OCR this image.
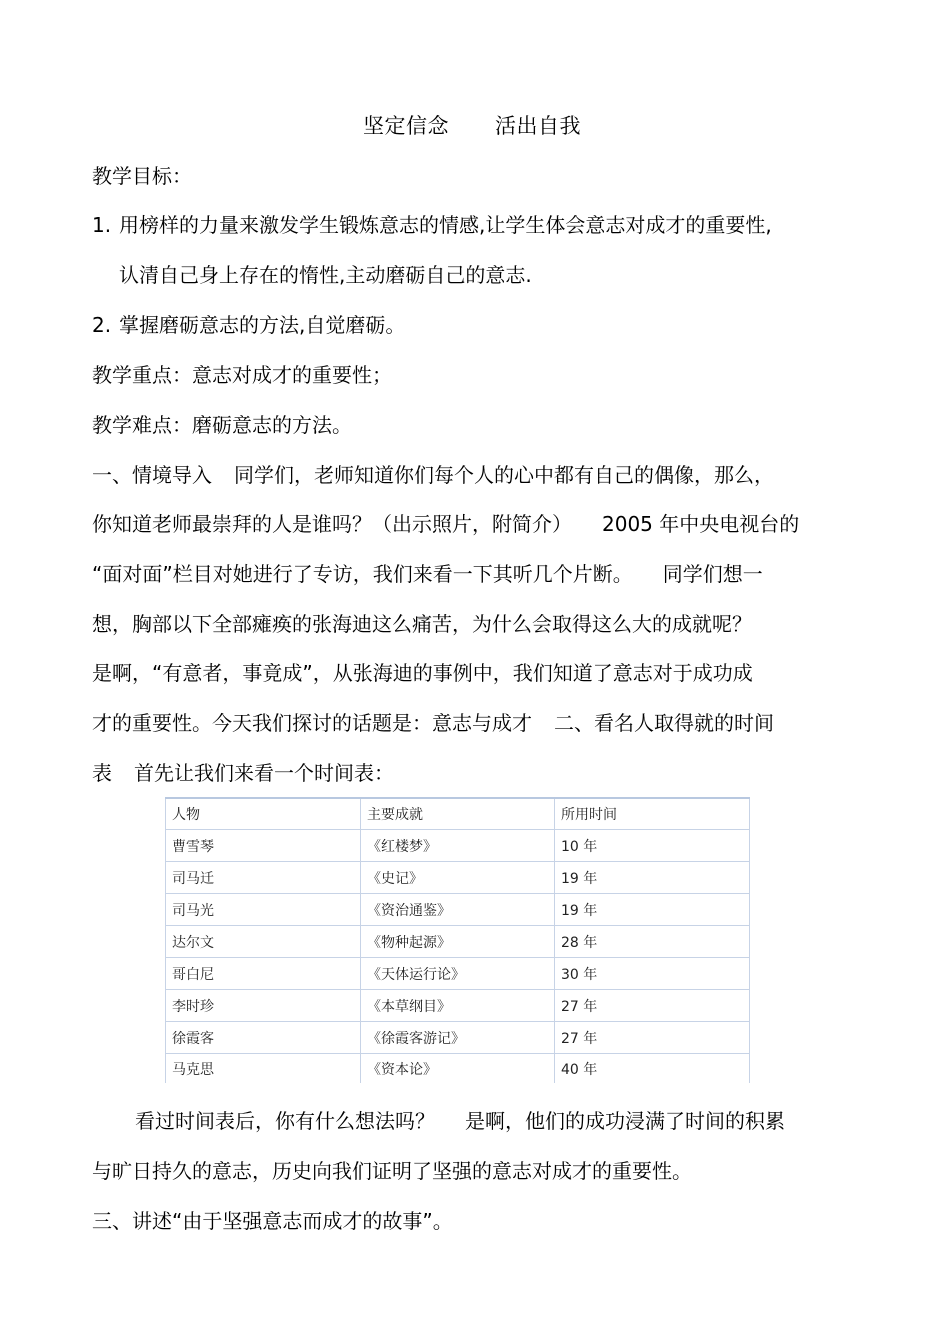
坚定信念 活出自我
教学目标：
1. 用榜样的力量来激发学生锻炼意志的情感,让学生体会意志对成才的重要性,
认清自己身上存在的惰性,主动磨砺自己的意志.
2. 掌握磨砺意志的方法,自觉磨砺。
教学重点：意志对成才的重要性；
教学难点：磨砺意志的方法。
一、情境导入 同学们，老师知道你们每个人的心中都有自己的偶像，那么，
你知道老师最崇拜的人是谁吗？（出示照片，附简介） 2005 年中央电视台的
“面对面”栏目对她进行了专访，我们来看一下其听几个片断。 同学们想一
想，胸部以下全部瘫痪的张海迪这么痛苦，为什么会取得这么大的成就呢？
是啊，“有意者，事竟成”，从张海迪的事例中，我们知道了意志对于成功成
才的重要性。今天我们探讨的话题是：意志与成才 二、看名人取得就的时间
表 首先让我们来看一个时间表：
人物	主要成就	所用时间
曹雪琴	《红楼梦》	10 年
司马迁	《史记》	19 年
司马光	《资治通鉴》	19 年
达尔文	《物种起源》	28 年
哥白尼	《天体运行论》	30 年
李时珍	《本草纲目》	27 年
徐霞客	《徐霞客游记》	27 年
马克思	《资本论》	40 年
看过时间表后，你有什么想法吗？ 是啊，他们的成功浸满了时间的积累
与旷日持久的意志，历史向我们证明了坚强的意志对成才的重要性。
三、讲述“由于坚强意志而成才的故事”。
